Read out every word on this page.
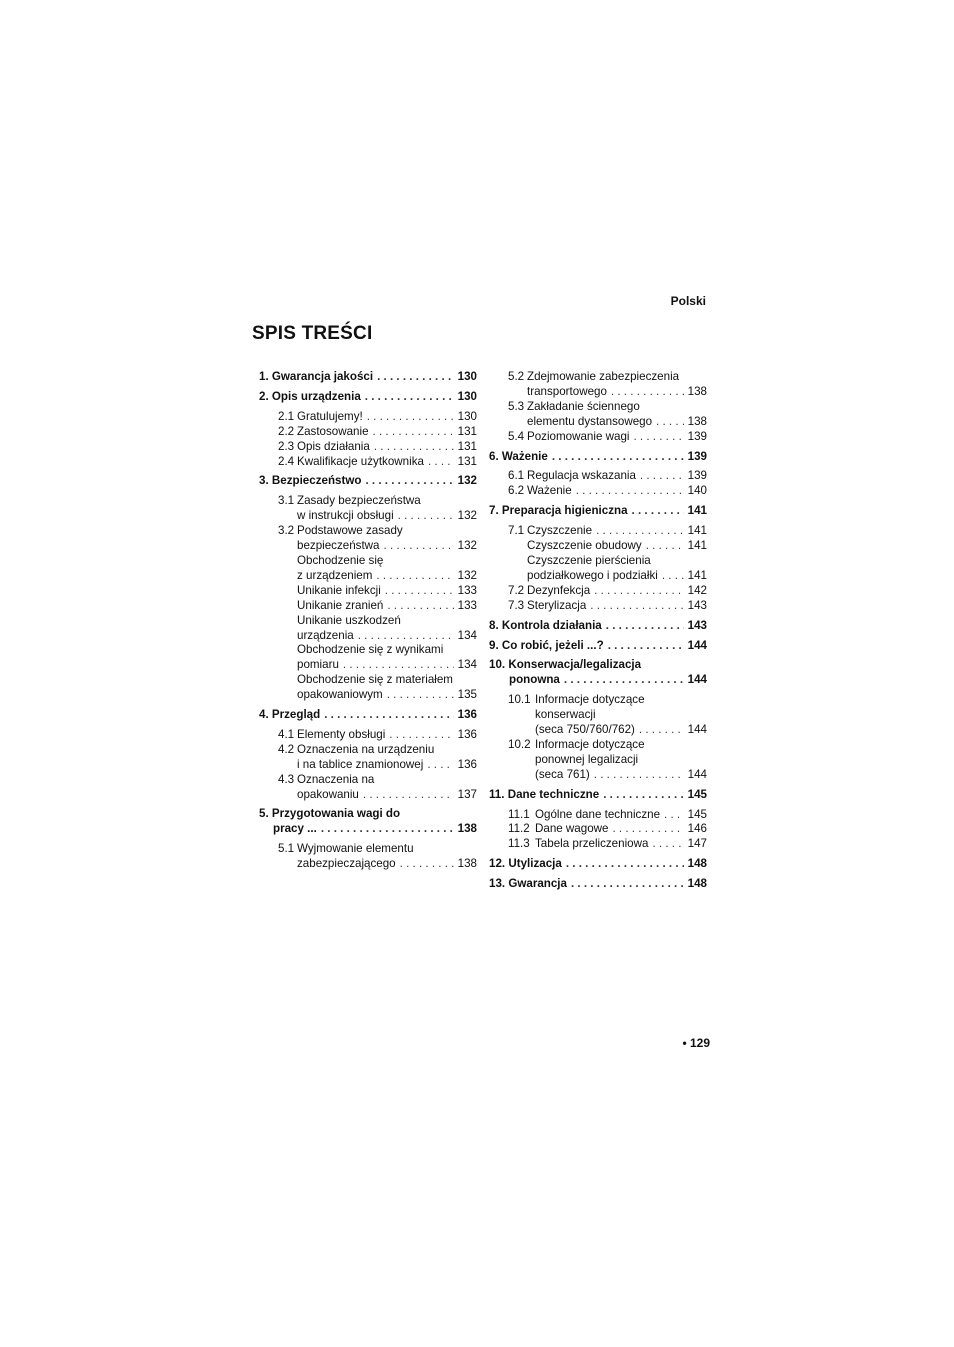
Polski
SPIS TREŚCI
1. Gwarancja jakości . . .	130
2. Opis urządzenia . . .	130
2.1 Gratulujemy! . . .	130
2.2 Zastosowanie . . .	131
2.3 Opis działania . . .	131
2.4 Kwalifikacje użytkownika . . .	131
3. Bezpieczeństwo . . .	132
3.1 Zasady bezpieczeństwa
w instrukcji obsługi . . .	132
3.2 Podstawowe zasady
bezpieczeństwa . . .	132
Obchodzenie się
z urządzeniem . . .	132
Unikanie infekcji . . .	133
Unikanie zranień . . .	133
Unikanie uszkodzeń
urządzenia . . .	134
Obchodzenie się z wynikami
pomiaru . . .	134
Obchodzenie się z materiałem
opakowaniowym . . .	135
4. Przegląd . . .	136
4.1 Elementy obsługi . . .	136
4.2 Oznaczenia na urządzeniu
i na tablice znamionowej . . .	136
4.3 Oznaczenia na
opakowaniu . . .	137
5. Przygotowania wagi do
pracy ... . . .	138
5.1 Wyjmowanie elementu
zabezpieczającego . . .	138
5.2 Zdejmowanie zabezpieczenia
transportowego . . .	138
5.3 Zakładanie ściennego
elementu dystansowego . . .	138
5.4 Poziomowanie wagi . . .	139
6. Ważenie . . .	139
6.1 Regulacja wskazania . . .	139
6.2 Ważenie . . .	140
7. Preparacja higieniczna . . .	141
7.1 Czyszczenie . . .	141
Czyszczenie obudowy . . .	141
Czyszczenie pierścienia
podziałkowego i podziałki . . .	141
7.2 Dezynfekcja . . .	142
7.3 Sterylizacja . . .	143
8. Kontrola działania . . .	143
9. Co robić, jeżeli ...? . . .	144
10. Konserwacja/legalizacja
ponowna . . .	144
10.1 Informacje dotyczące
konserwacji
(seca 750/760/762) . . .	144
10.2 Informacje dotyczące
ponownej legalizacji
(seca 761) . . .	144
11. Dane techniczne . . .	145
11.1 Ogólne dane techniczne . . . 145
11.2 Dane wagowe . . .	146
11.3 Tabela przeliczeniowa . . .	147
12. Utylizacja . . .	148
13. Gwarancja . . .	148
• 129
